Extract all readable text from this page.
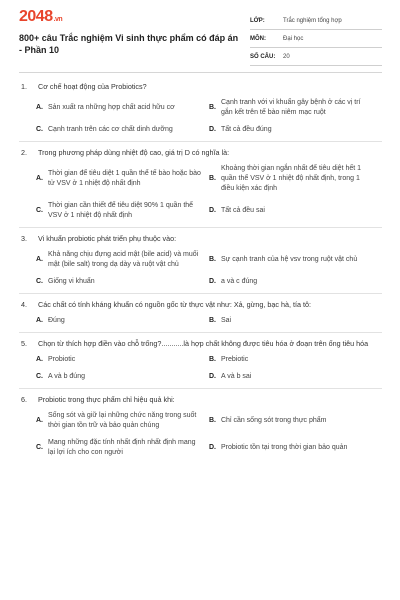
2048.vn
800+ câu Trắc nghiệm Vi sinh thực phẩm có đáp án - Phần 10
LỚP:	Trắc nghiệm tổng hợp
MÔN:	Đại học
SỐ CÂU:	20
1.	Cơ chế hoạt động của Probiotics?
A. Sản xuất ra những hợp chất acid hữu cơ	B.
Cạnh tranh với vi khuẩn gây bệnh ở các vị trí gắn kết trên tế bào niêm mạc ruột
C. Cạnh tranh trên các cơ chất dinh dưỡng	D. Tất cả đều đúng
2.	Trong phương pháp dùng nhiệt độ cao, giá trị D có nghĩa là:
A.
Thời gian để tiêu diệt 1 quần thể tế bào hoặc bào tử VSV ở 1 nhiệt độ nhất định
B.
Khoảng thời gian ngắn nhất để tiêu diệt hết 1 quần thể VSV ở 1 nhiệt độ nhất định, trong 1 điều kiện xác định
C.
Thời gian cần thiết để tiêu diệt 90% 1 quần thể VSV ở 1 nhiệt độ nhất định
D. Tất cả đều sai
3.	Vi khuẩn probiotic phát triển phụ thuộc vào:
A.
Khả năng chịu đựng acid mật (bile acid) và muối mật (bile salt) trong dạ dày và ruột vật chủ
B. Sự cạnh tranh của hệ vsv trong ruột vật chủ
C. Giống vi khuẩn	D. a và c đúng
4.	Các chất có tính kháng khuẩn có nguồn gốc từ thực vật như: Xả, gừng, bạc hà, tía tô:
A. Đúng	B. Sai
5.	Chọn từ thích hợp điền vào chỗ trống?...........là hợp chất không được tiêu hóa ở đoạn trên ống tiêu hóa
A. Probiotic	B. Prebiotic
C. A và b đúng	D. A và b sai
6.	Probiotic trong thực phẩm chỉ hiệu quả khi:
A.
Sống sót và giữ lại những chức năng trong suốt thời gian tồn trữ và bảo quản chúng
B. Chỉ cần sống sót trong thực phẩm
C.
Mang những đặc tính nhất định nhất định mang lại lợi ích cho con người
D. Probiotic tồn tại trong thời gian bảo quản
